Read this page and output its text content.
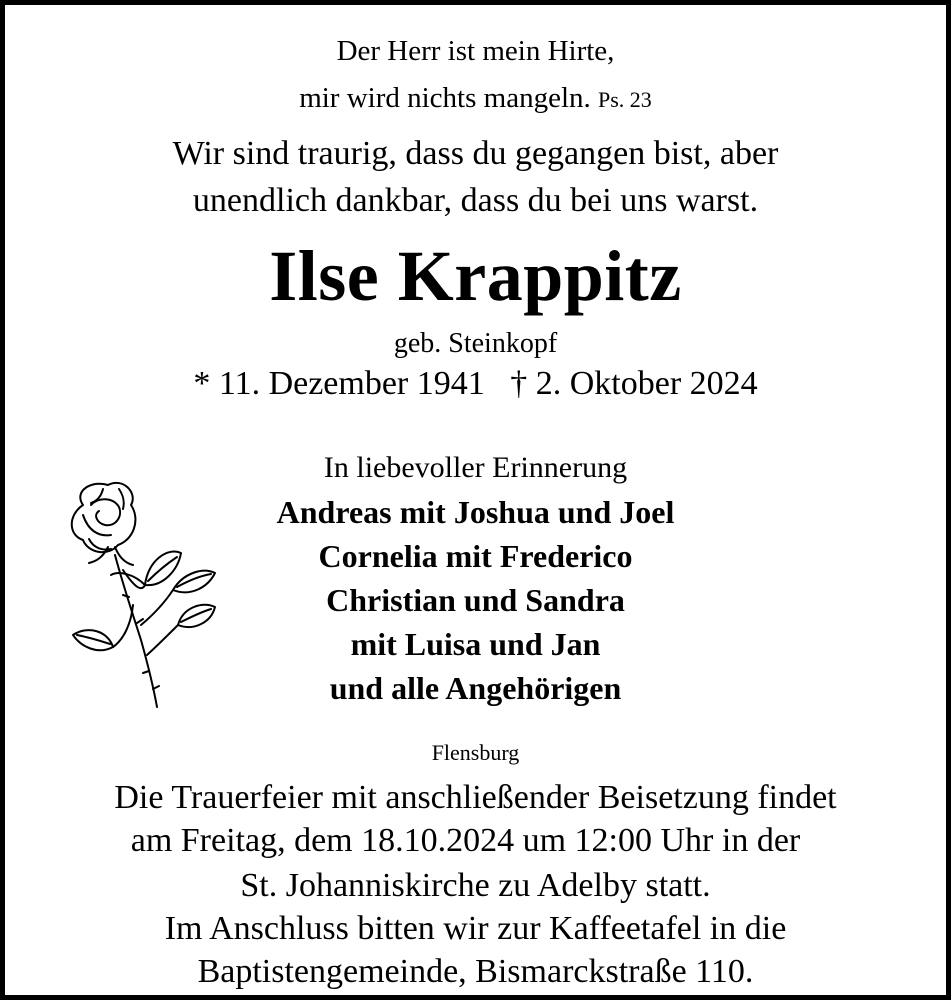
Der Herr ist mein Hirte,
mir wird nichts mangeln. Ps. 23
Wir sind traurig, dass du gegangen bist, aber
unendlich dankbar, dass du bei uns warst.
Ilse Krappitz
geb. Steinkopf
* 11. Dezember 1941   † 2. Oktober 2024
In liebevoller Erinnerung
Andreas mit Joshua und Joel
Cornelia mit Frederico
Christian und Sandra
mit Luisa und Jan
und alle Angehörigen
Flensburg
Die Trauerfeier mit anschließender Beisetzung findet
am Freitag, dem 18.10.2024 um 12:00 Uhr in der
St. Johanniskirche zu Adelby statt.
Im Anschluss bitten wir zur Kaffeetafel in die
Baptistengemeinde, Bismarckstraße 110.
